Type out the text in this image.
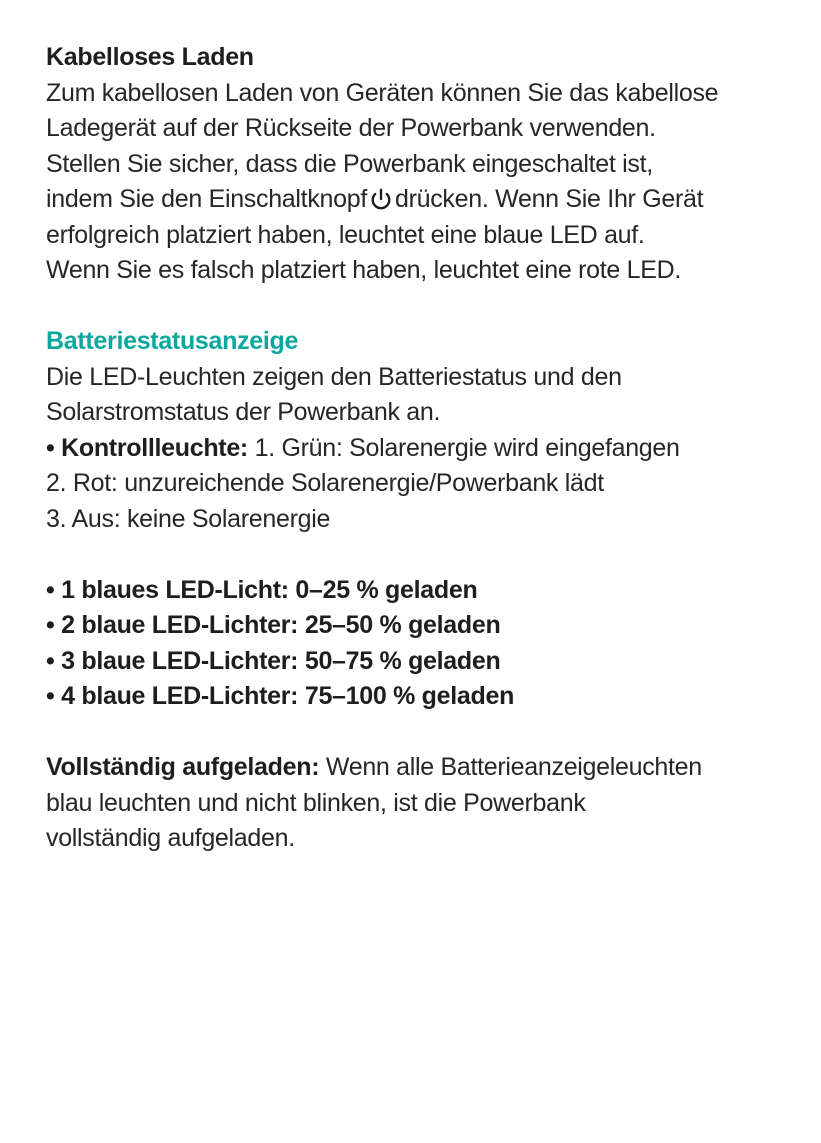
Kabelloses Laden
Zum kabellosen Laden von Geräten können Sie das kabellose
Ladegerät auf der Rückseite der Powerbank verwenden.
Stellen Sie sicher, dass die Powerbank eingeschaltet ist,
indem Sie den Einschaltknopf drücken. Wenn Sie Ihr Gerät
erfolgreich platziert haben, leuchtet eine blaue LED auf.
Wenn Sie es falsch platziert haben, leuchtet eine rote LED.
Batteriestatusanzeige
Die LED-Leuchten zeigen den Batteriestatus und den
Solarstromstatus der Powerbank an.
• Kontrollleuchte: 1. Grün: Solarenergie wird eingefangen
2. Rot: unzureichende Solarenergie/Powerbank lädt
3. Aus: keine Solarenergie
• 1 blaues LED-Licht: 0–25 % geladen
• 2 blaue LED-Lichter: 25–50 % geladen
• 3 blaue LED-Lichter: 50–75 % geladen
• 4 blaue LED-Lichter: 75–100 % geladen
Vollständig aufgeladen: Wenn alle Batterieanzeigeleuchten
blau leuchten und nicht blinken, ist die Powerbank
vollständig aufgeladen.
